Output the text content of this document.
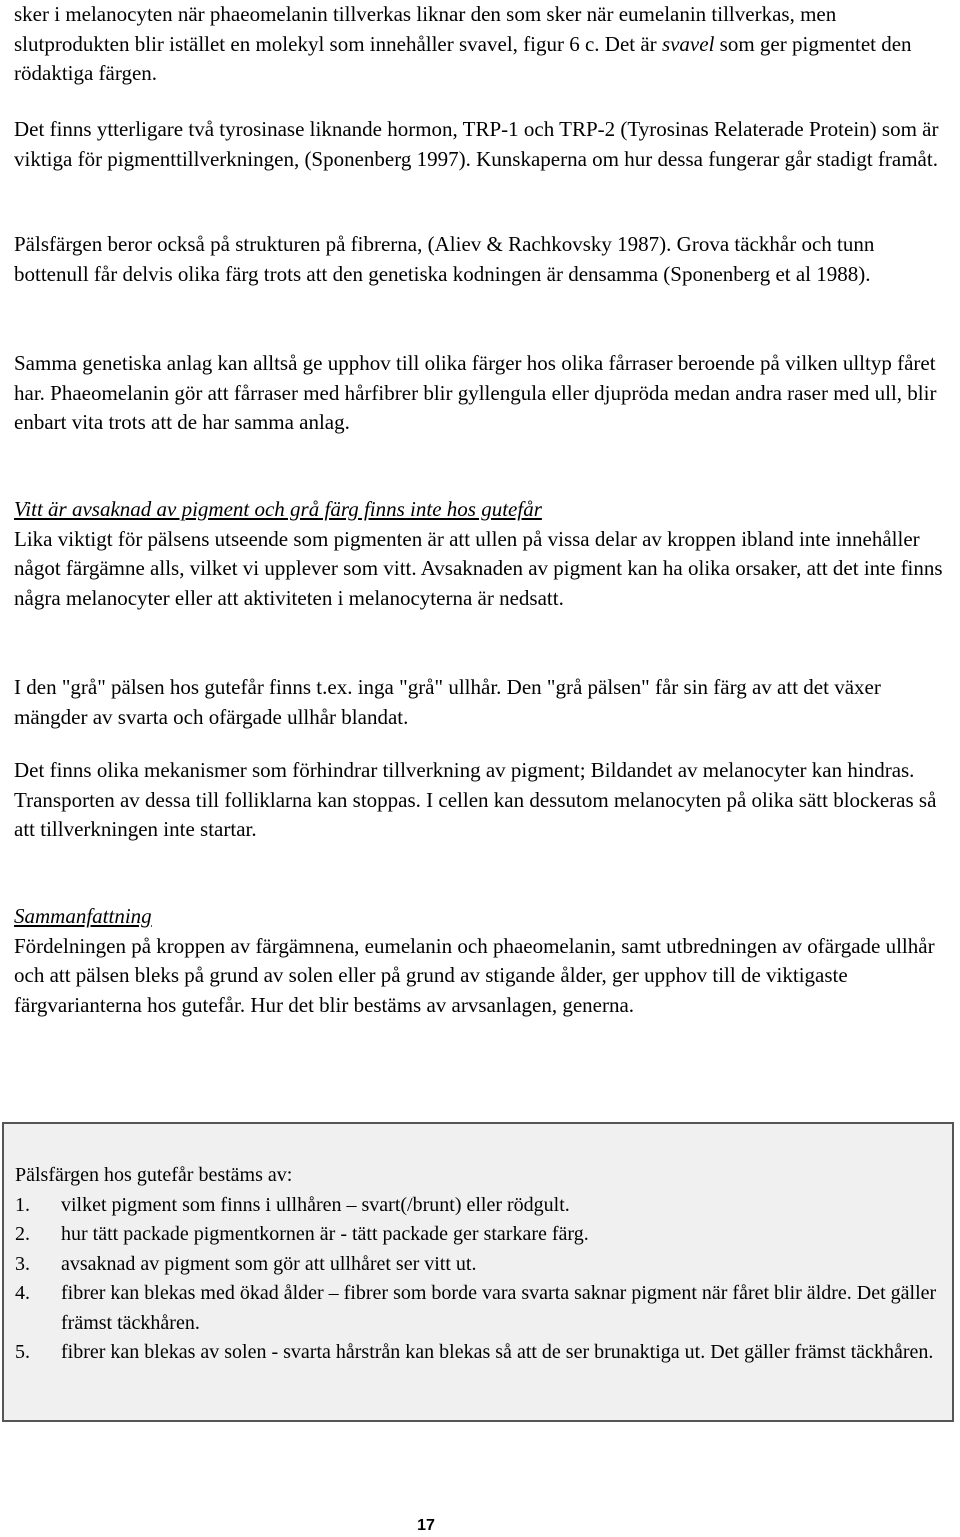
sker i melanocyten när phaeomelanin tillverkas liknar den som sker när eumelanin tillverkas, men slutprodukten blir istället en molekyl som innehåller svavel, figur 6 c. Det är svavel som ger pigmentet den rödaktiga färgen.

Det finns ytterligare två tyrosinase liknande hormon, TRP-1 och TRP-2 (Tyrosinas Relaterade Protein) som är viktiga för pigmenttillverkningen, (Sponenberg 1997). Kunskaperna om hur dessa fungerar går stadigt framåt.

Pälsfärgen beror också på strukturen på fibrerna, (Aliev & Rachkovsky 1987). Grova täckhår och tunn bottenull får delvis olika färg trots att den genetiska kodningen är densamma (Sponenberg et al 1988).

Samma genetiska anlag kan alltså ge upphov till olika färger hos olika fårraser beroende på vilken ulltyp fåret har. Phaeomelanin gör att fårraser med hårfibrer blir gyllengula eller djupröda medan andra raser med ull, blir enbart vita trots att de har samma anlag.

Vitt är avsaknad av pigment och grå färg finns inte hos gutefår

Lika viktigt för pälsens utseende som pigmenten är att ullen på vissa delar av kroppen ibland inte innehåller något färgämne alls, vilket vi upplever som vitt. Avsaknaden av pigment kan ha olika orsaker, att det inte finns några melanocyter eller att aktiviteten i melanocyterna är nedsatt.

I den "grå" pälsen hos gutefår finns t.ex. inga "grå" ullhår. Den "grå pälsen" får sin färg av att det växer mängder av svarta och ofärgade ullhår blandat.

Det finns olika mekanismer som förhindrar tillverkning av pigment; Bildandet av melanocyter kan hindras. Transporten av dessa till folliklarna kan stoppas. I cellen kan dessutom melanocyten på olika sätt blockeras så att tillverkningen inte startar.

Sammanfattning

Fördelningen på kroppen av färgämnena, eumelanin och phaeomelanin, samt utbredningen av ofärgade ullhår och att pälsen bleks på grund av solen eller på grund av stigande ålder, ger upphov till de viktigaste färgvarianterna hos gutefår. Hur det blir bestäms av arvsanlagen, generna.

Pälsfärgen hos gutefår bestäms av:

1. vilket pigment som finns i ullhåren – svart(/brunt) eller rödgult.
2. hur tätt packade pigmentkornen är - tätt packade ger starkare färg.
3. avsaknad av pigment som gör att ullhåret ser vitt ut.
4. fibrer kan blekas med ökad ålder – fibrer som borde vara svarta saknar pigment när fåret blir äldre. Det gäller främst täckhåren.
5. fibrer kan blekas av solen - svarta hårstrån kan blekas så att de ser brunaktiga ut. Det gäller främst täckhåren.
17
